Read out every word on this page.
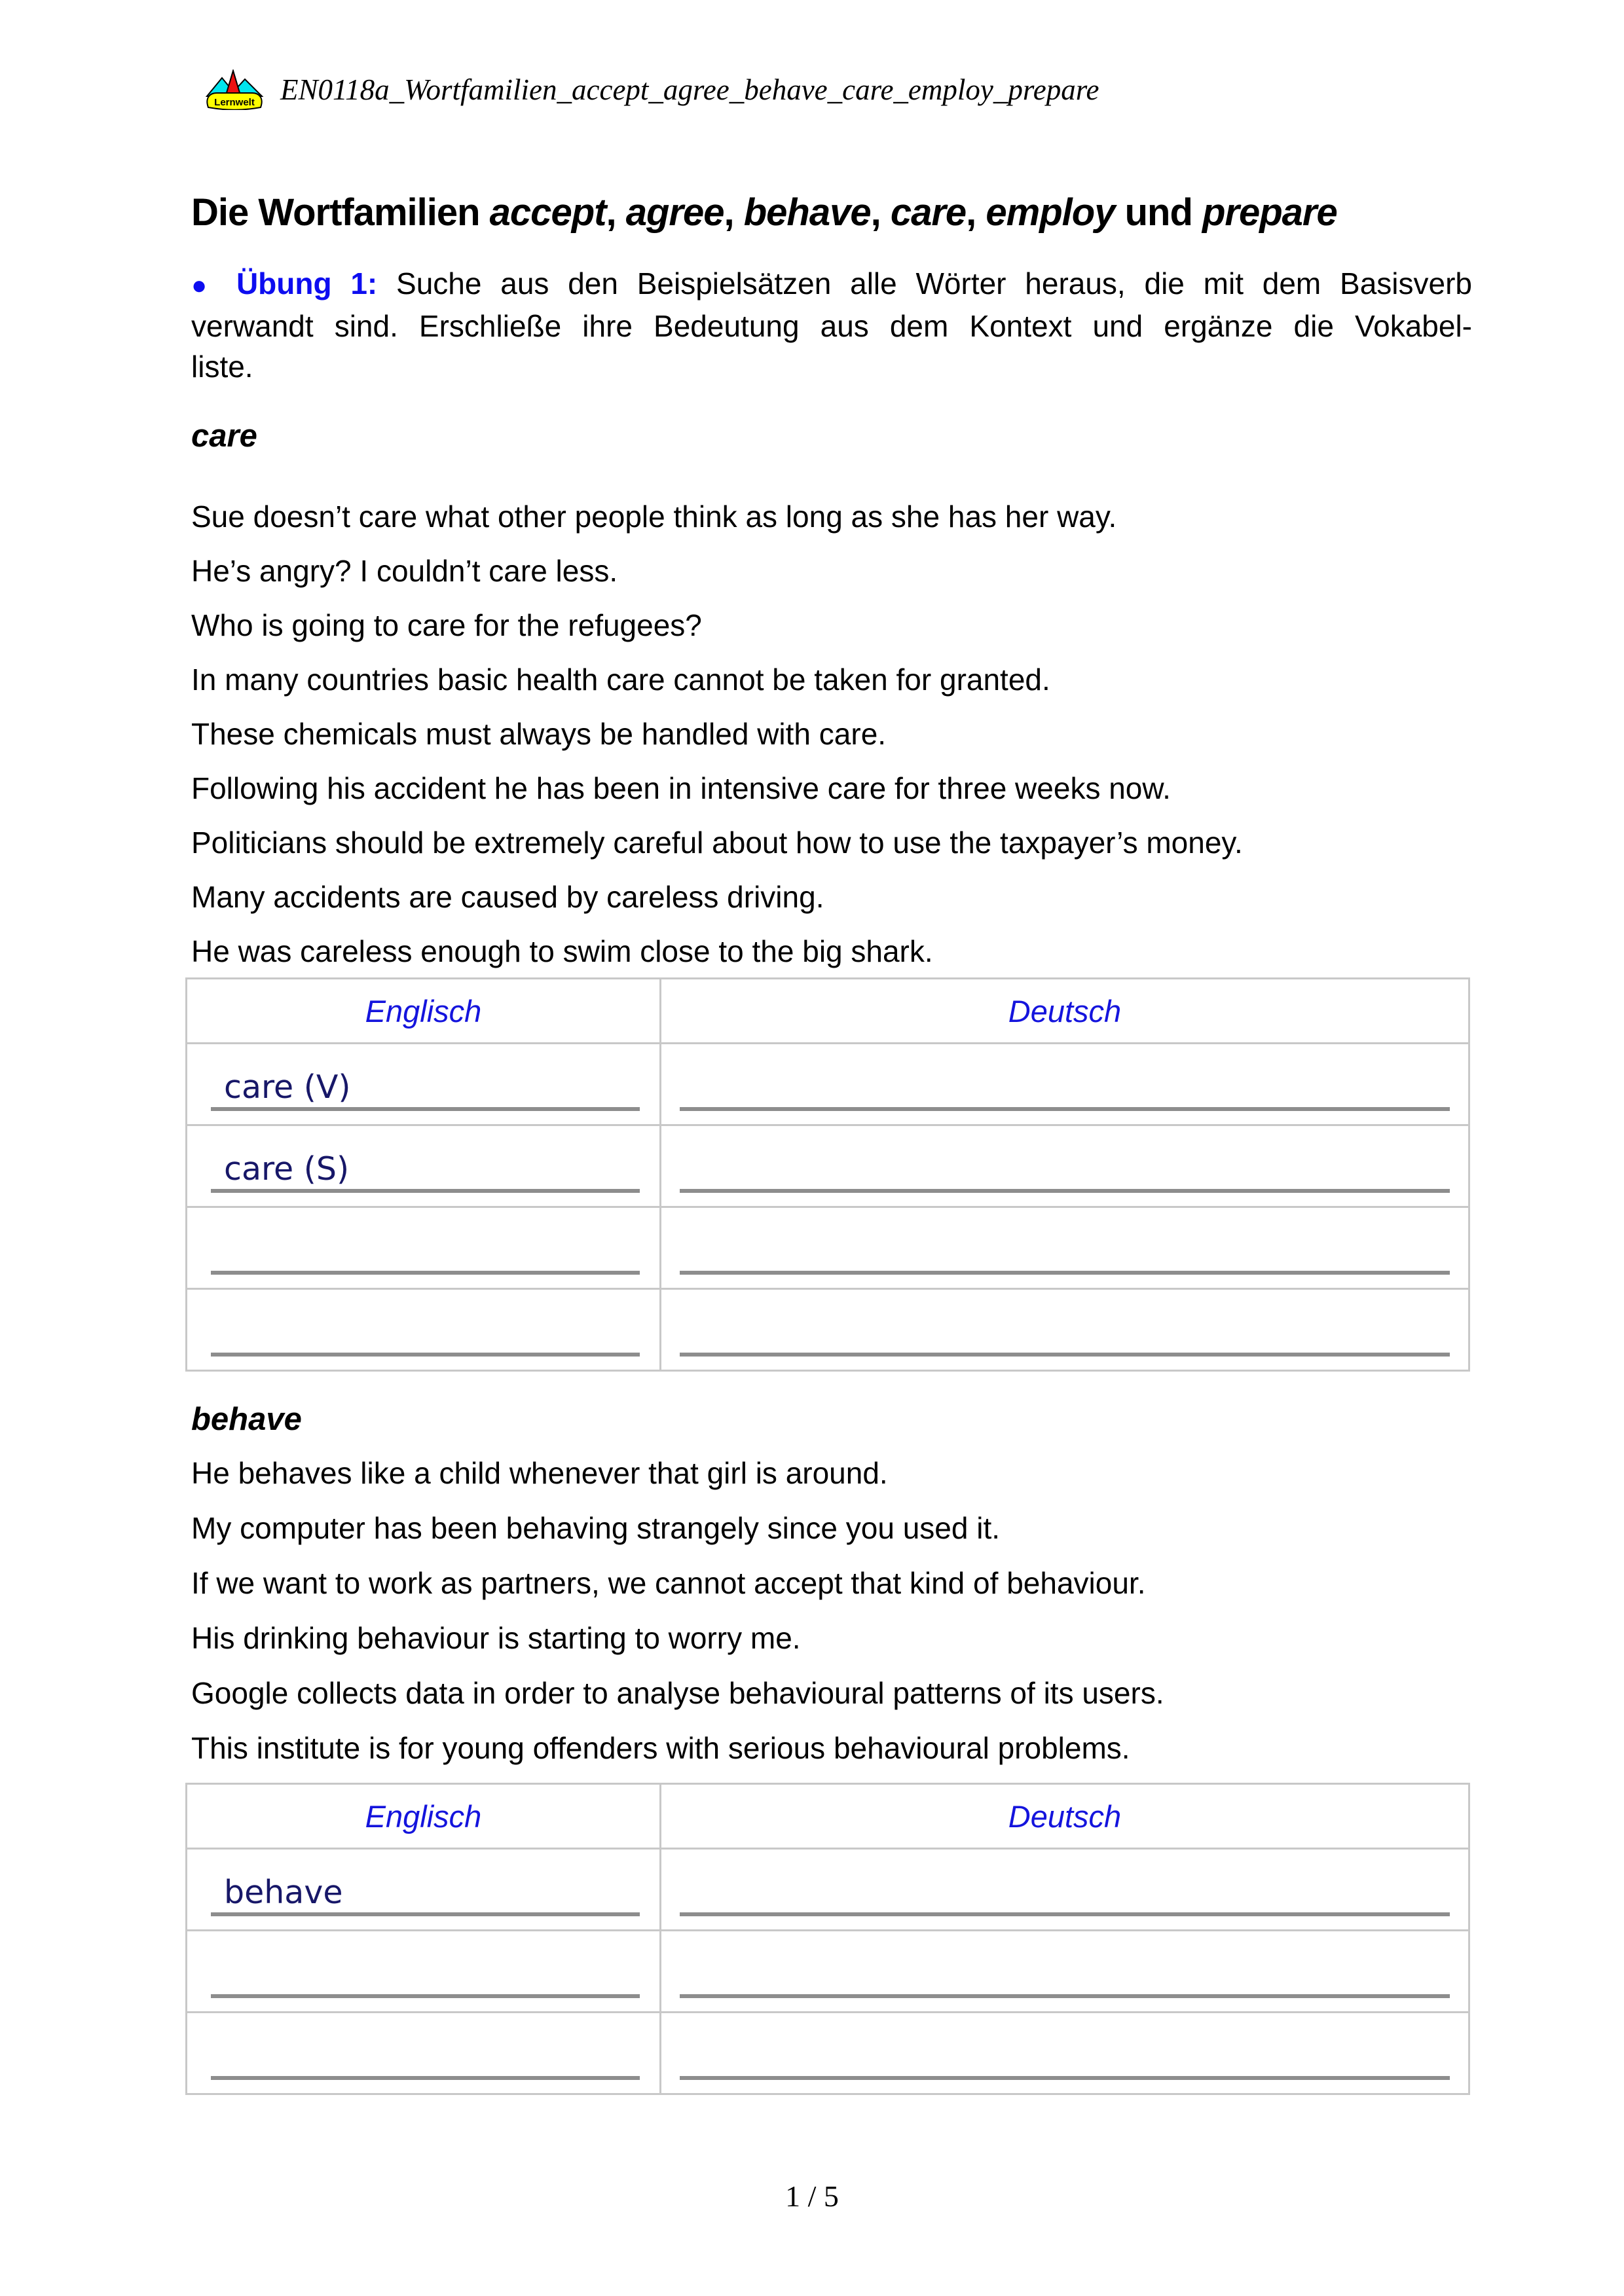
Lernwelt EN0118a_Wortfamilien_accept_agree_behave_care_employ_prepare
Die Wortfamilien accept, agree, behave, care, employ und prepare
● Übung 1: Suche aus den Beispielsätzen alle Wörter heraus, die mit dem Basisverb
verwandt sind. Erschließe ihre Bedeutung aus dem Kontext und ergänze die Vokabel-
liste.
care
Sue doesn’t care what other people think as long as she has her way.
He’s angry? I couldn’t care less.
Who is going to care for the refugees?
In many countries basic health care cannot be taken for granted.
These chemicals must always be handled with care.
Following his accident he has been in intensive care for three weeks now.
Politicians should be extremely careful about how to use the taxpayer’s money.
Many accidents are caused by careless driving.
He was careless enough to swim close to the big shark.
Englisch	Deutsch
care (V)
care (S)
behave
He behaves like a child whenever that girl is around.
My computer has been behaving strangely since you used it.
If we want to work as partners, we cannot accept that kind of behaviour.
His drinking behaviour is starting to worry me.
Google collects data in order to analyse behavioural patterns of its users.
This institute is for young offenders with serious behavioural problems.
Englisch	Deutsch
behave
1 / 5
